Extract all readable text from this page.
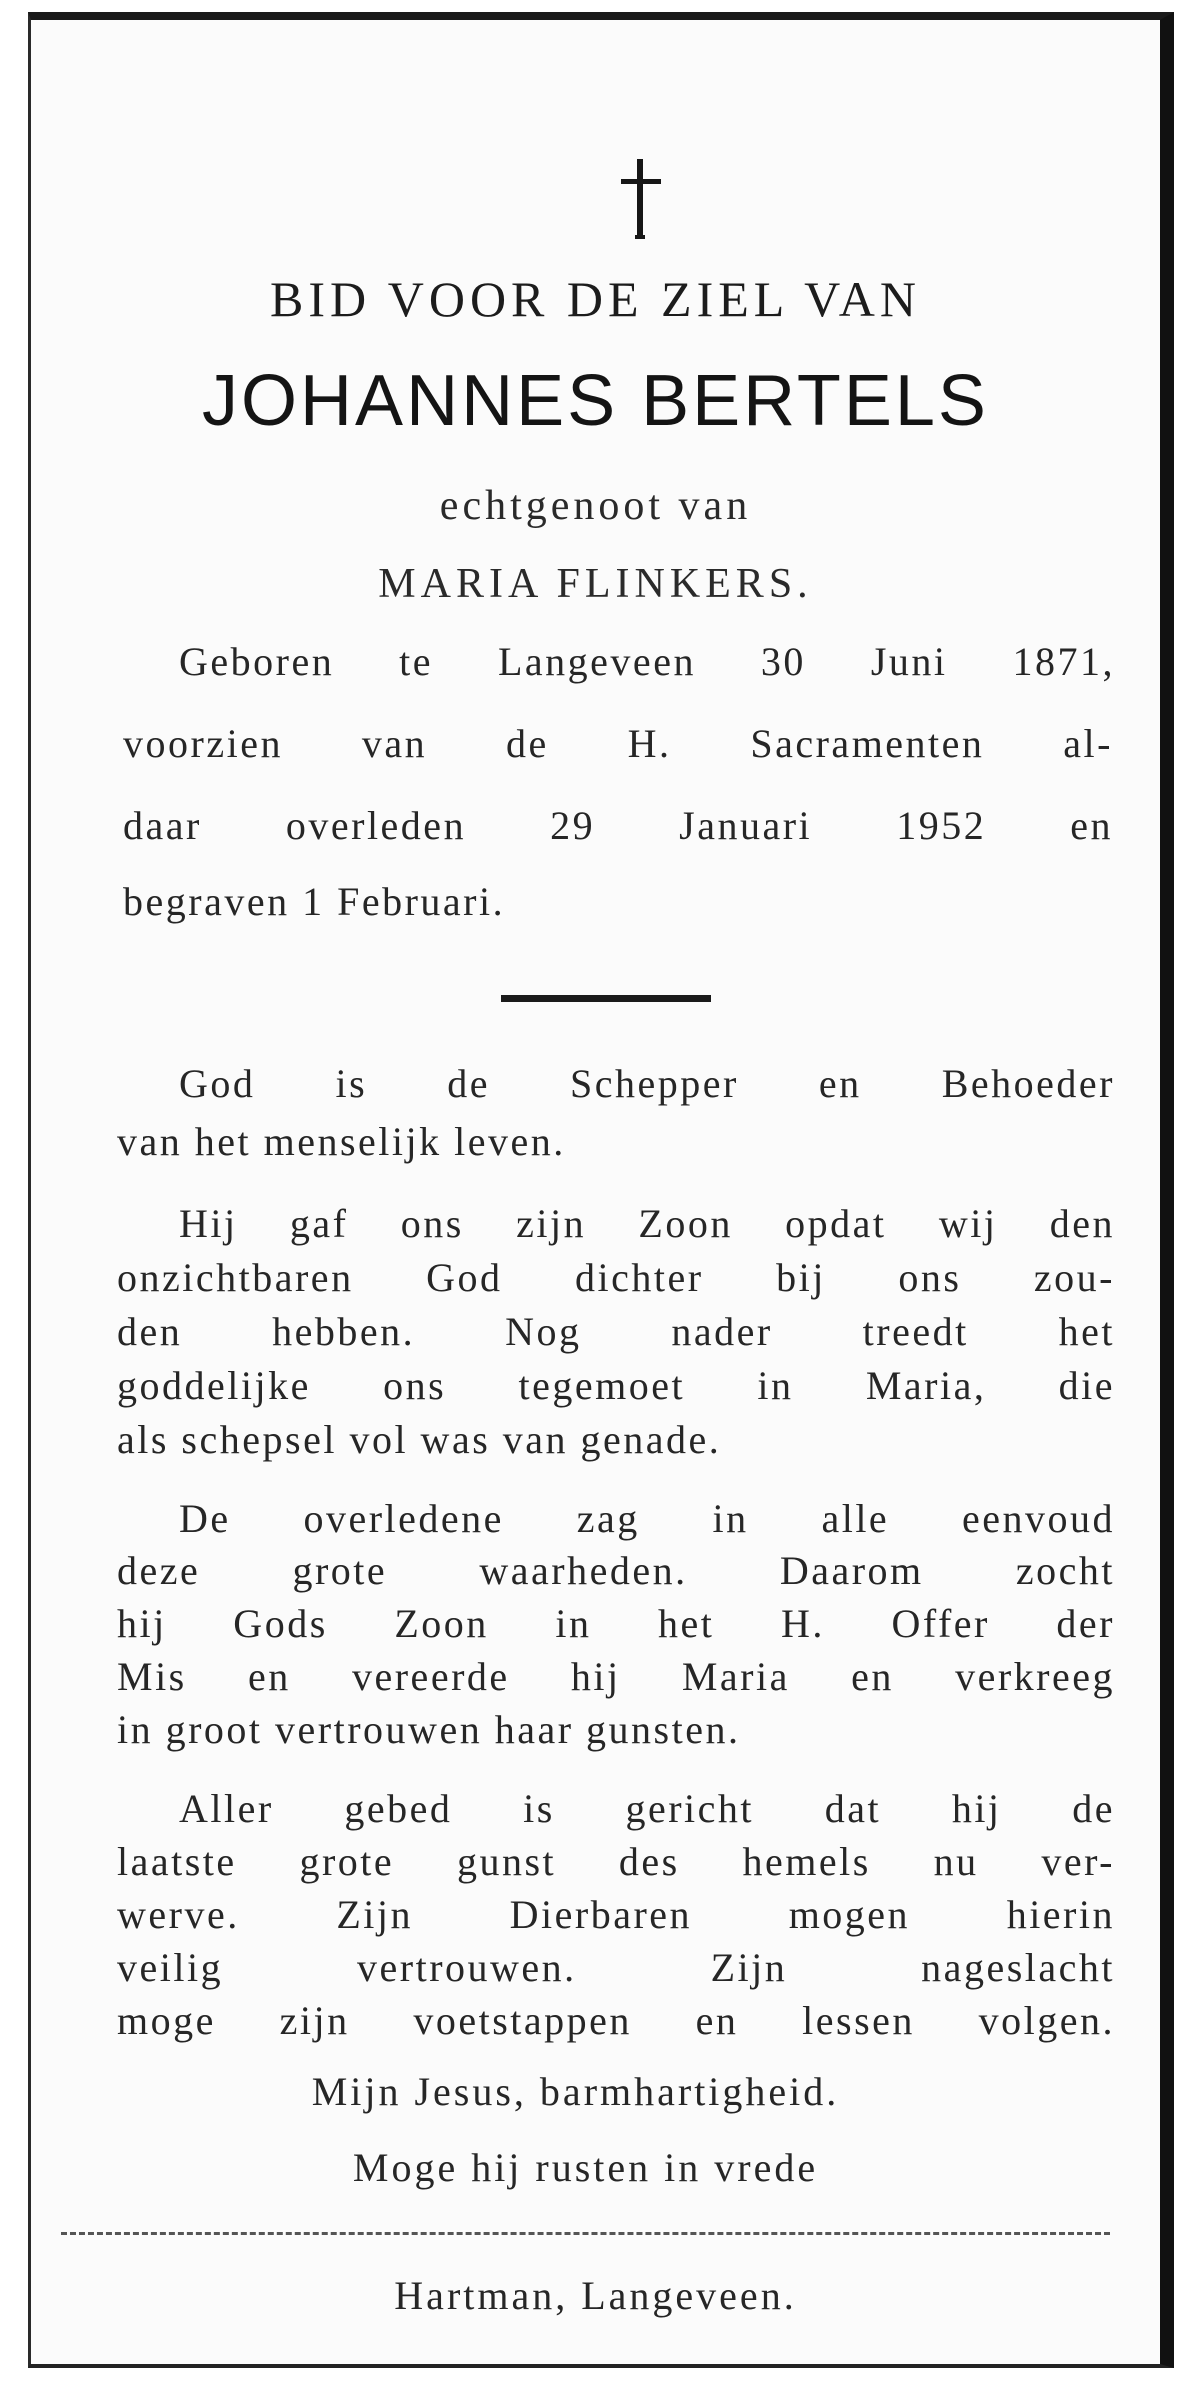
BID VOOR DE ZIEL VAN
JOHANNES BERTELS
echtgenoot van
MARIA FLINKERS.
Geboren te Langeveen 30 Juni 1871,
voorzien van de H. Sacramenten al-
daar overleden 29 Januari 1952 en
begraven 1 Februari.
God is de Schepper en Behoeder
van het menselijk leven.
Hij gaf ons zijn Zoon opdat wij den
onzichtbaren God dichter bij ons zou-
den hebben. Nog nader treedt het
goddelijke ons tegemoet in Maria, die
als schepsel vol was van genade.
De overledene zag in alle eenvoud
deze grote waarheden. Daarom zocht
hij Gods Zoon in het H. Offer der
Mis en vereerde hij Maria en verkreeg
in groot vertrouwen haar gunsten.
Aller gebed is gericht dat hij de
laatste grote gunst des hemels nu ver-
werve. Zijn Dierbaren mogen hierin
veilig vertrouwen. Zijn nageslacht
moge zijn voetstappen en lessen volgen.
Mijn Jesus, barmhartigheid.
Moge hij rusten in vrede
Hartman, Langeveen.
